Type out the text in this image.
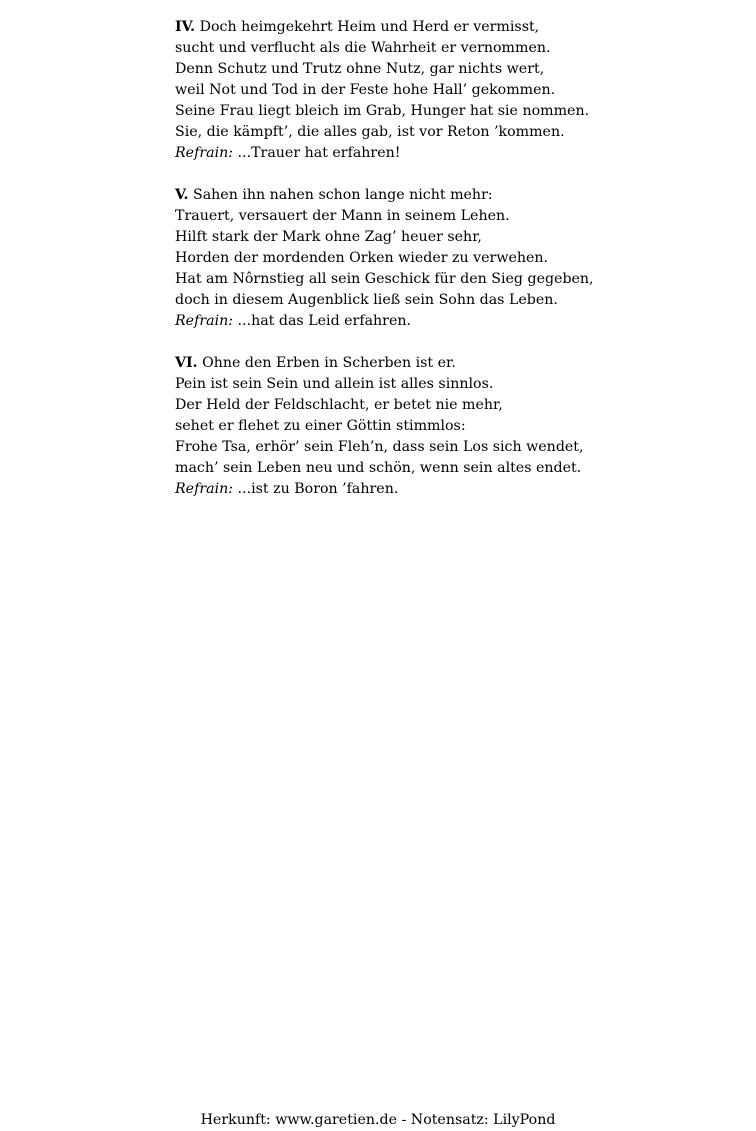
IV. Doch heimgekehrt Heim und Herd er vermisst,
sucht und verflucht als die Wahrheit er vernommen.
Denn Schutz und Trutz ohne Nutz, gar nichts wert,
weil Not und Tod in der Feste hohe Hall’ gekommen.
Seine Frau liegt bleich im Grab, Hunger hat sie nommen.
Sie, die kämpft’, die alles gab, ist vor Reton ’kommen.
Refrain: ...Trauer hat erfahren!
V. Sahen ihn nahen schon lange nicht mehr:
Trauert, versauert der Mann in seinem Lehen.
Hilft stark der Mark ohne Zag’ heuer sehr,
Horden der mordenden Orken wieder zu verwehen.
Hat am Nôrnstieg all sein Geschick für den Sieg gegeben,
doch in diesem Augenblick ließ sein Sohn das Leben.
Refrain: ...hat das Leid erfahren.
VI. Ohne den Erben in Scherben ist er.
Pein ist sein Sein und allein ist alles sinnlos.
Der Held der Feldschlacht, er betet nie mehr,
sehet er flehet zu einer Göttin stimmlos:
Frohe Tsa, erhör’ sein Fleh’n, dass sein Los sich wendet,
mach’ sein Leben neu und schön, wenn sein altes endet.
Refrain: ...ist zu Boron ’fahren.
Herkunft: www.garetien.de - Notensatz: LilyPond
